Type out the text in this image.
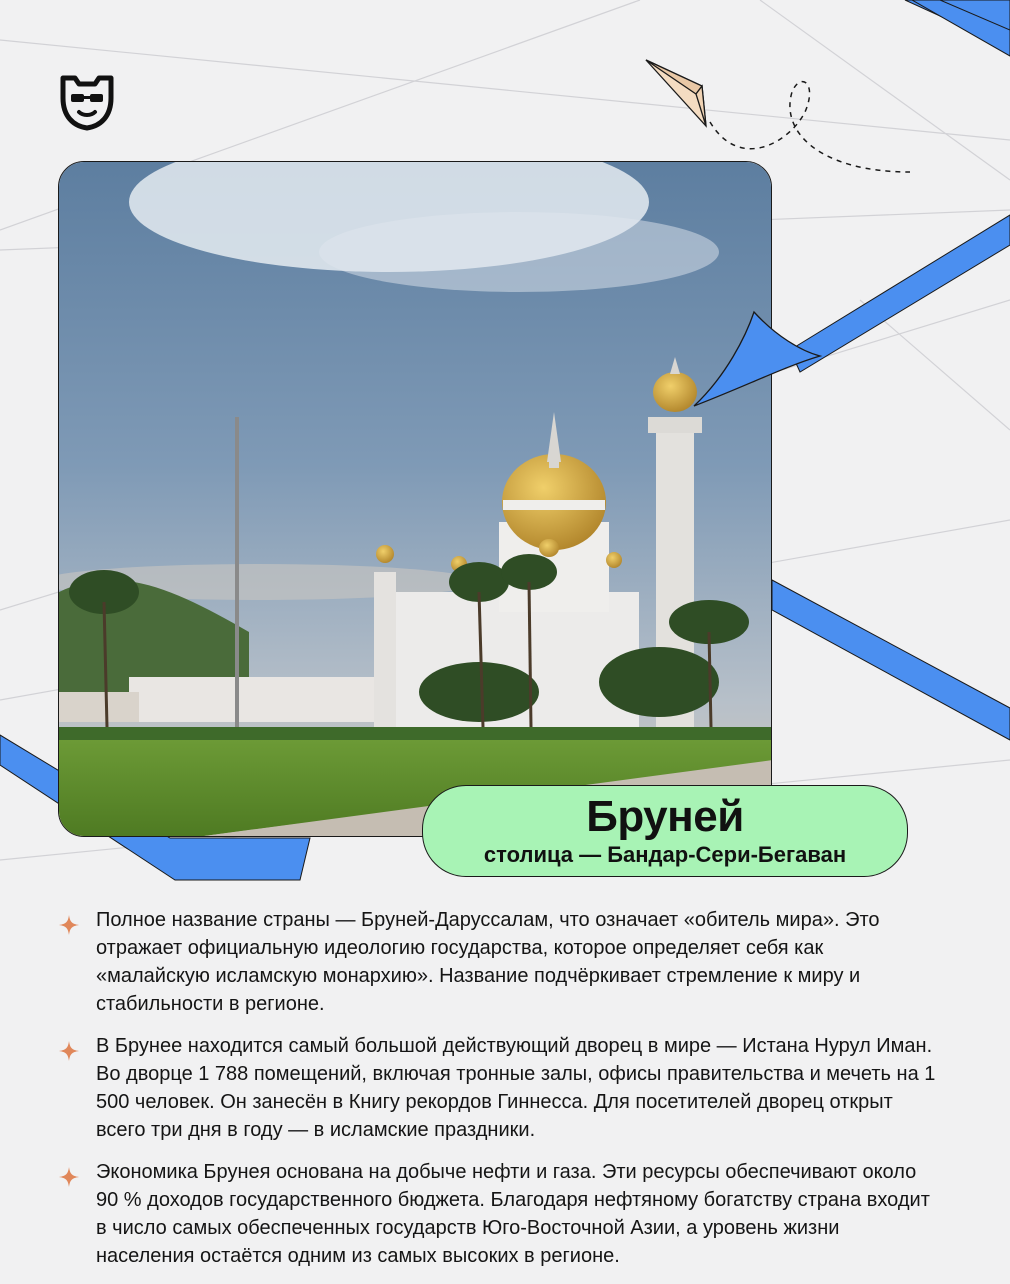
Бруней
столица — Бандар-Сери-Бегаван

Полное название страны — Бруней-Даруссалам, что означает «обитель мира». Это отражает официальную идеологию государства, которое определяет себя как «малайскую исламскую монархию». Название подчёркивает стремление к миру и стабильности в регионе.

В Брунее находится самый большой действующий дворец в мире — Истана Нурул Иман. Во дворце 1 788 помещений, включая тронные залы, офисы правительства и мечеть на 1 500 человек. Он занесён в Книгу рекордов Гиннесса. Для посетителей дворец открыт всего три дня в году — в исламские праздники.

Экономика Брунея основана на добыче нефти и газа. Эти ресурсы обеспечивают около 90 % доходов государственного бюджета. Благодаря нефтяному богатству страна входит в число самых обеспеченных государств Юго-Восточной Азии, а уровень жизни населения остаётся одним из самых высоких в регионе.
